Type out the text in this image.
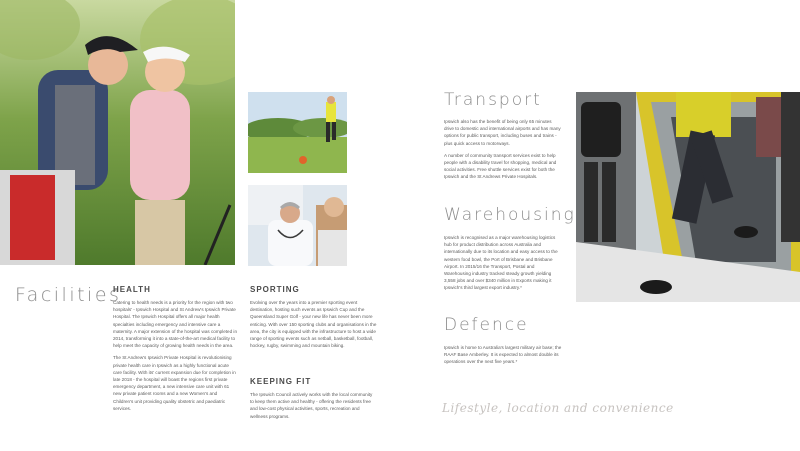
Facilities
HEALTH

Catering to health needs is a priority for the region with two hospitals' - Ipswich Hospital and St Andrew's Ipswich Private Hospital. The Ipswich Hospital offers all major health specialties including emergency and intensive care a maternity. A major extension of the hospital was completed in 2014, transforming it into a state-of-the-art medical facility to help meet the capacity of growing health needs in the area.

The St Andrew's Ipswich Private Hospital is revolutionising private health care in Ipswich as a highly functional acute care facility. With its' current expansion due for completion in late 2018 - the hospital will boast the regions first private emergency department, a new intensive care unit with 61 new private patient rooms and a new Women's and Children's unit providing quality obstetric and paediatric services.

SPORTING

Evolving over the years into a premier sporting event destination, hosting such events as Ipswich Cup and the Queensland Super Golf - your new life has never been more enticing. With over 150 sporting clubs and organisations in the area, the city is equipped with the infrastructure to host a wide range of sporting events such as netball, basketball, football, hockey, rugby, swimming and mountain biking.

KEEPING FIT

The Ipswich Council actively works with the local community to keep them active and healthy - offering the residents free and low-cost physical activities, sports, recreation and wellness programs.

Transport

Ipswich also has the benefit of being only 65 minutes drive to domestic and international airports and has many options for public transport, including buses and trains - plus quick access to motorways.

A number of community transport services exist to help people with a disability travel for shopping, medical and social activities. Free shuttle services exist for both the Ipswich and the St Andrews Private Hospitals.

Warehousing

Ipswich is recognised as a major warehousing logistics hub for product distribution across Australia and internationally due to its location and easy access to the western food bowl, the Port of Brisbane and Brisbane Airport. In 2015/16 the Transport, Postal and Warehousing industry tracked steady growth yielding 3,558 jobs and over $340 million in Exports making it Ipswich's third largest export industry.*

Defence

Ipswich is home to Australia's largest military air base; the RAAF Base Amberley. It is expected to almost double its operations over the next five years.*

Lifestyle, location and convenience
